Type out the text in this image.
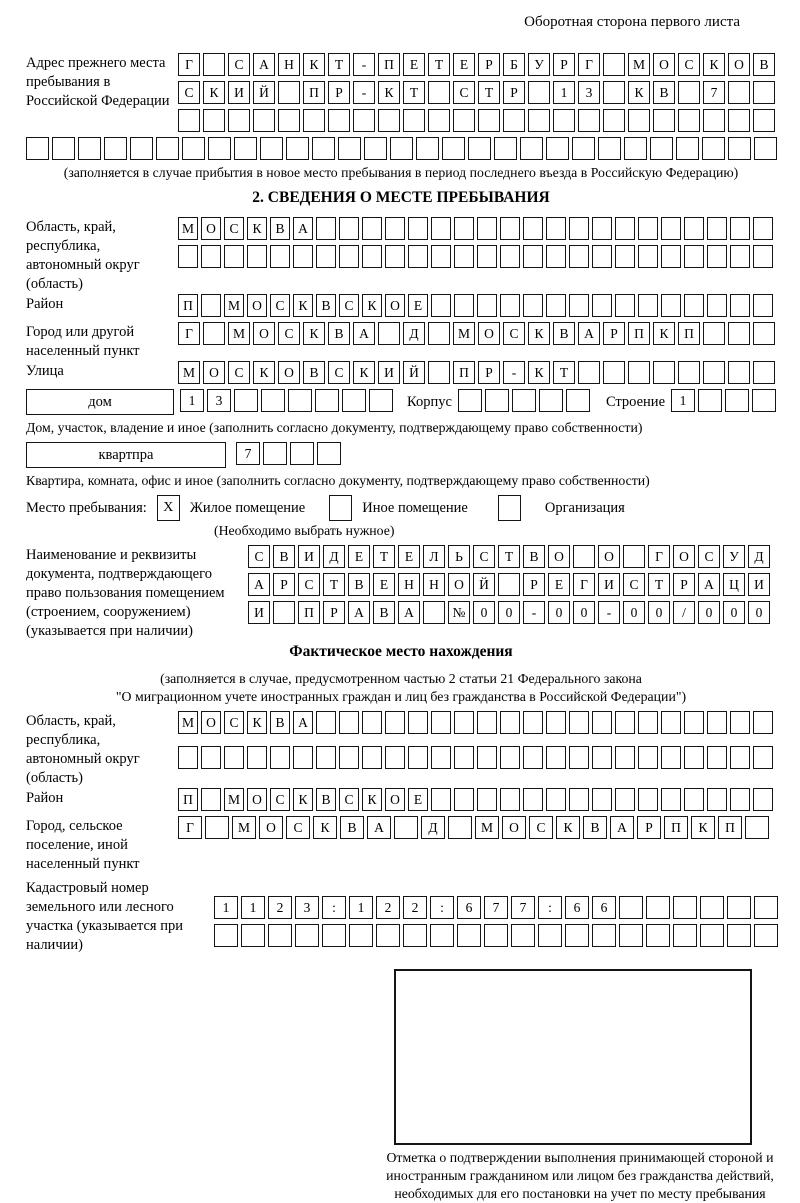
Оборотная сторона первого листа
Адрес прежнего места пребывания в Российской Федерации
Г	С	А	Н	К	Т	-	П	Е	Т	Е	Р	Б	У	Р	Г	М	О	С	К	О	В
С	К	И	Й	П	Р	-	К	Т	С	Т	Р	1	3	К	В	7
(заполняется в случае прибытия в новое место пребывания в период последнего въезда в Российскую Федерацию)
2. СВЕДЕНИЯ О МЕСТЕ ПРЕБЫВАНИЯ
Область, край, республика, автономный округ (область)
М О	С	К	В	А
Район	П	М О	С	К	В	С	К	О	Е
Город или другой населенный пункт
Г	М	О	С	К	В	А	Д	М	О	С	К	В	А	Р	П	К	П
Улица	М	О	С	К	О	В	С	К	И	Й	П	Р	-	К	Т
дом	1	3	Корпус	Строение	1
Дом, участок, владение и иное (заполнить согласно документу, подтверждающему право собственности)
квартпра	7
Квартира, комната, офис и иное (заполнить согласно документу, подтверждающему право собственности)
Место пребывания:	X	Жилое помещение	Иное помещение	Организация
(Необходимо выбрать нужное)
Наименование и реквизиты документа, подтверждающего право пользования помещением (строением, сооружением) (указывается при наличии)
С	В	И	Д	Е	Т	Е	Л	Ь	С	Т	В	О	О	Г	О	С	У	Д
А	Р	С	Т	В	Е	Н	Н	О	Й	Р	Е	Г	И	С	Т	Р	А	Ц	И
И	П	Р	А	В	А	№	0	0	-	0	0	-	0	0	/	0	0	0
Фактическое место нахождения
(заполняется в случае, предусмотренном частью 2 статьи 21 Федерального закона
"О миграционном учете иностранных граждан и лиц без гражданства в Российской Федерации")
Область, край, республика, автономный округ (область)
М О	С	К	В	А
Район	П	М О	С	К	В	С	К	О	Е
Город, сельское поселение, иной населенный пункт
Г	М	О	С	К	В	А	Д	М	О	С	К	В	А	Р	П	К	П
Кадастровый номер земельного или лесного участка (указывается при наличии)
1	1	2	3	:	1	2	2	:	6	7	7	:	6	6
Отметка о подтверждении выполнения принимающей стороной и иностранным гражданином или лицом без гражданства действий, необходимых для его постановки на учет по месту пребывания
